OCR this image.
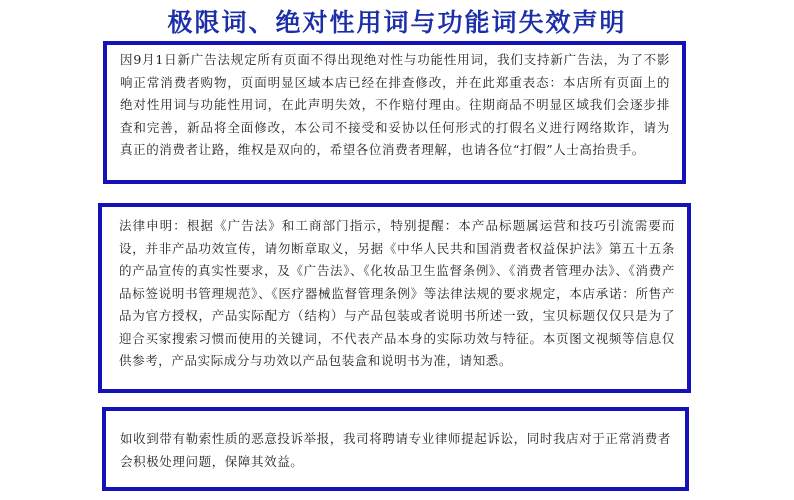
极限词、绝对性用词与功能词失效声明

因9月1日新广告法规定所有页面不得出现绝对性与功能性用词，我们支持新广告法，为了不影响正常消费者购物，页面明显区域本店已经在排查修改，并在此郑重表态：本店所有页面上的绝对性用词与功能性用词，在此声明失效，不作赔付理由。往期商品不明显区域我们会逐步排查和完善，新品将全面修改，本公司不接受和妥协以任何形式的打假名义进行网络欺诈，请为真正的消费者让路，维权是双向的，希望各位消费者理解，也请各位“打假”人士高抬贵手。

法律申明：根据《广告法》和工商部门指示，特别提醒：本产品标题属运营和技巧引流需要而设，并非产品功效宣传，请勿断章取义，另据《中华人民共和国消费者权益保护法》第五十五条的产品宣传的真实性要求，及《广告法》、《化妆品卫生监督条例》、《消费者管理办法》、《消费产品标签说明书管理规范》、《医疗器械监督管理条例》等法律法规的要求规定，本店承诺：所售产品为官方授权，产品实际配方（结构）与产品包装或者说明书所述一致，宝贝标题仅仅只是为了迎合买家搜索习惯而使用的关键词，不代表产品本身的实际功效与特征。本页图文视频等信息仅供参考，产品实际成分与功效以产品包装盒和说明书为准，请知悉。

如收到带有勒索性质的恶意投诉举报，我司将聘请专业律师提起诉讼，同时我店对于正常消费者会积极处理问题，保障其效益。
